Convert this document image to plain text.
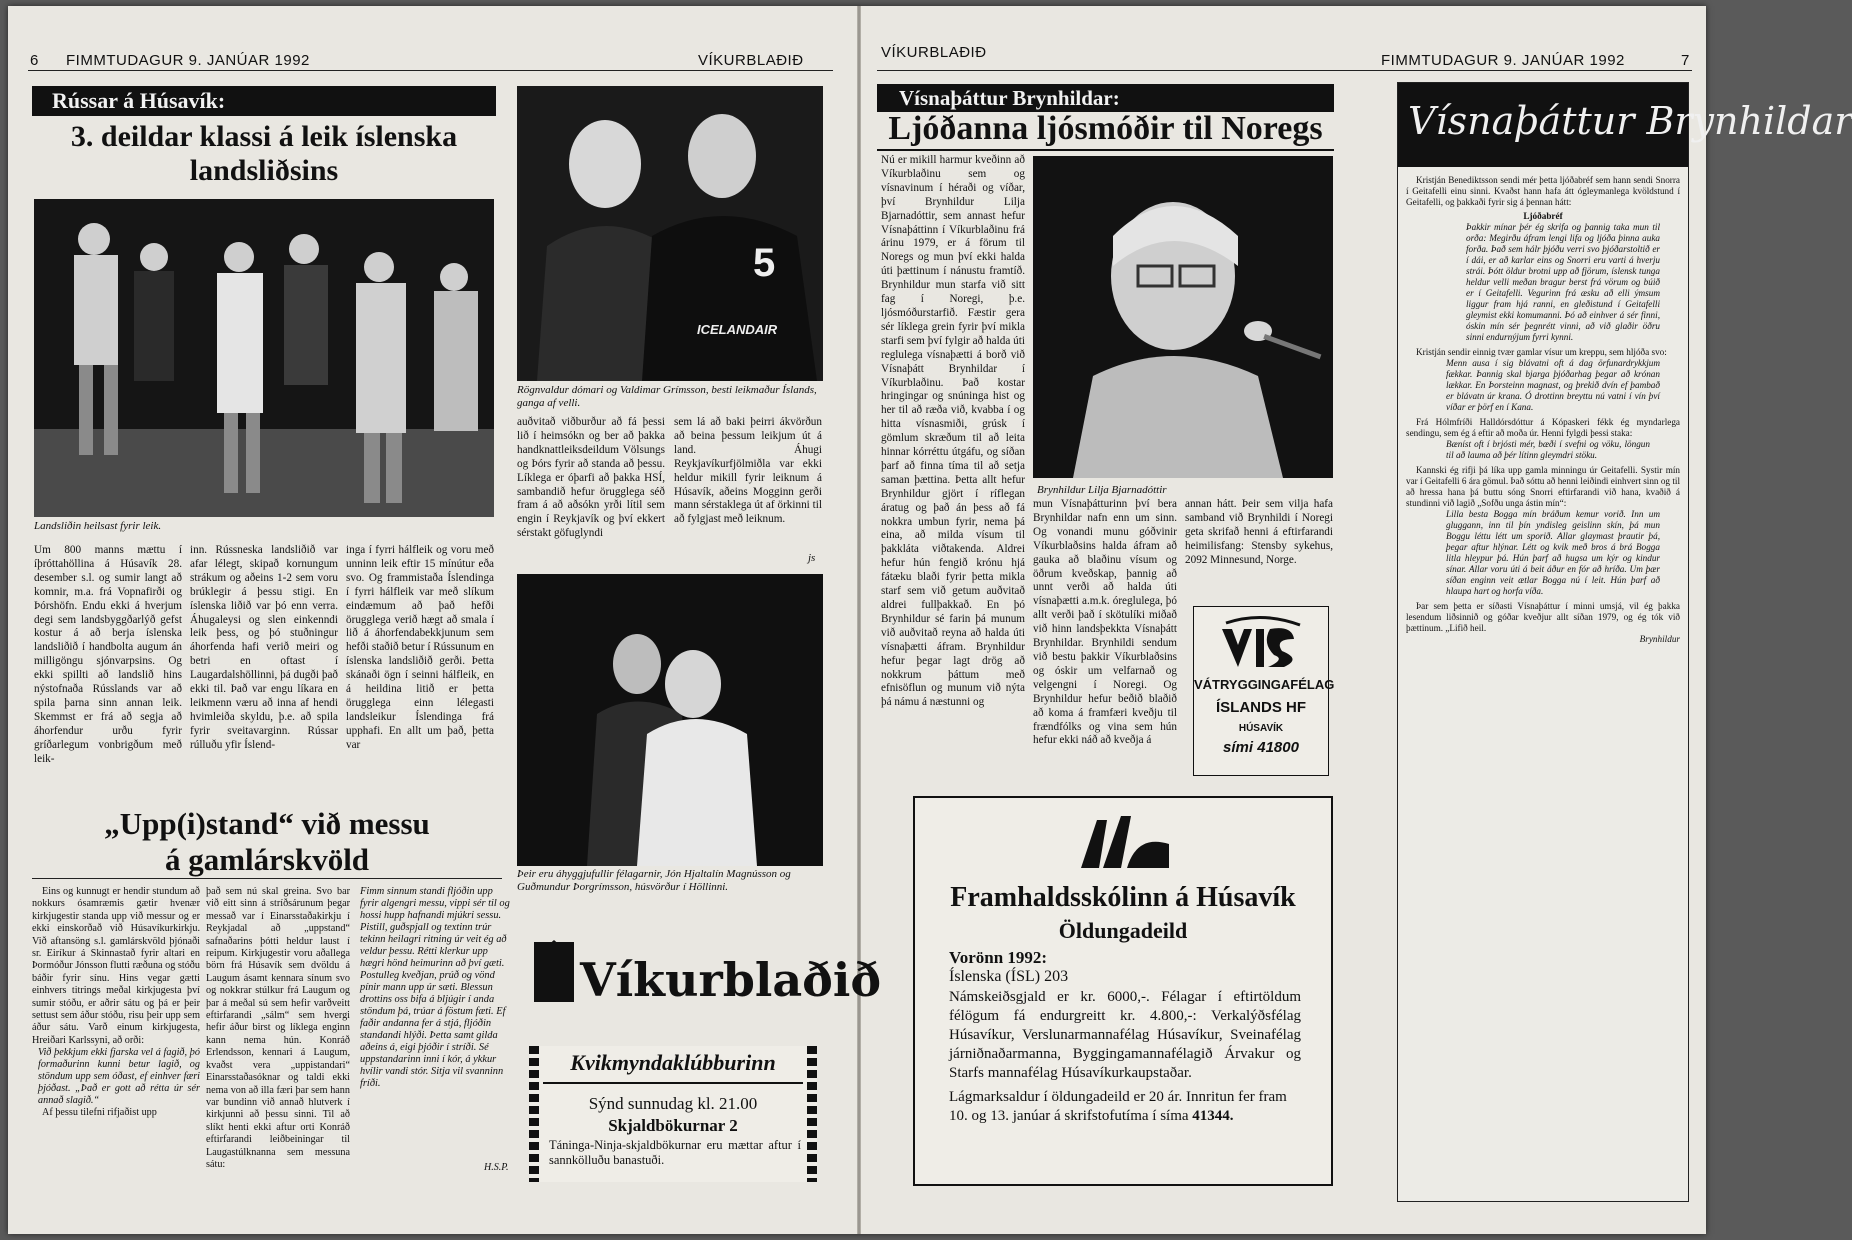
6 FIMMTUDAGUR 9. JANÚAR 1992	VÍKURBLAÐIÐ
Rússar á Húsavík:
3. deildar klassi á leik íslenska landsliðsins
Landsliðin heilsast fyrir leik.
Um 800 manns mættu í íþróttahöllina á Húsavík 28. desember s.l. og sumir langt að komnir, m.a. frá Vopnafirði og Þórshöfn. Endu ekki á hverjum degi sem landsbyggðarlýð gefst kostur á að berja íslenska landsliðið í handbolta augum án milligöngu sjónvarpsins. Og ekki spillti að landslið hins nýstofnaða Rússlands var að spila þarna sinn annan leik. Skemmst er frá að segja að áhorfendur urðu fyrir gríðarlegum vonbrigðum með leik-
inn. Rússneska landsliðið var afar lélegt, skipað kornungum strákum og aðeins 1-2 sem voru brúklegir á þessu stigi. En íslenska liðið var þó enn verra. Áhugaleysi og slen einkenndi leik þess, og þó stuðningur áhorfenda hafi verið meiri og betri en oftast í Laugardalshöllinni, þá dugði það ekki til. Það var engu líkara en leikmenn væru að inna af hendi hvimleiða skyldu, þ.e. að spila fyrir sveitavarginn. Rússar rúlluðu yfir Íslend-
inga í fyrri hálfleik og voru með unninn leik eftir 15 mínútur eða svo. Og frammistaða Íslendinga í fyrri hálfleik var með slíkum eindæmum að það hefði örugglega verið hægt að smala í lið á áhorfendabekkjunum sem hefði staðið betur í Rússunum en íslenska landsliðið gerði. Þetta skánaði ögn í seinni hálfleik, en á heildina litið er þetta örugglega einn lélegasti landsleikur Íslendinga frá upphafi. En allt um það, þetta var
5
ICELANDAIR
Rögnvaldur dómari og Valdimar Grímsson, besti leikmaður Íslands, ganga af velli.
auðvitað viðburður að fá þessi lið í heimsókn og ber að þakka handknattleiksdeildum Völsungs og Þórs fyrir að standa að þessu. Líklega er óþarfi að þakka HSÍ, sambandið hefur örugglega séð fram á að aðsókn yrði lítil sem engin í Reykjavík og því ekkert sérstakt göfuglyndi
sem lá að baki þeirri ákvörðun að beina þessum leikjum út á land. Áhugi Reykjavíkurfjölmiðla var ekki heldur mikill fyrir leiknum á Húsavík, aðeins Mogginn gerði mann sérstaklega út af örkinni til að fylgjast með leiknum.
js
„Upp(i)stand“ við messu
á gamlárskvöld

Eins og kunnugt er hendir stundum að nokkurs ósamræmis gætir hvenær kirkjugestir standa upp við messur og er ekki einskorðað við Húsavíkurkirkju. Við aftansöng s.l. gamlárskvöld þjónaði sr. Eiríkur á Skinnastað fyrir altari en Þormóður Jónsson flutti ræðuna og stóðu báðir fyrir sínu. Hins vegar gætti einhvers titrings meðal kirkjugesta því sumir stóðu, er aðrir sátu og þá er þeir settust sem áður stóðu, risu þeir upp sem áður sátu. Varð einum kirkjugesta, Hreiðari Karlssyni, að orði:

Við þekkjum ekki fjarska vel á fagið, þó formaðurinn kunni betur lagið, og stöndum upp sem óðast, ef einhver færi þjóðast. „Það er gott að rétta úr sér annað slagið.“

Af þessu tilefni rifjaðist upp

það sem nú skal greina. Svo bar við eitt sinn á stríðsárunum þegar messað var í Einarsstaðakirkju í Reykjadal að „uppstand“ safnaðarins þótti heldur laust í reipum. Kirkjugestir voru aðallega börn frá Húsavík sem dvöldu á Laugum ásamt kennara sínum svo og nokkrar stúlkur frá Laugum og þar á meðal sú sem hefir varðveitt eftirfarandi „sálm“ sem hvergi hefir áður birst og líklega enginn kann nema hún. Konráð Erlendsson, kennari á Laugum, kvaðst vera „uppistandari“ Einarsstaðasóknar og taldi ekki nema von að illa færi þar sem hann var bundinn við annað hlutverk í kirkjunni að þessu sinni. Til að slíkt henti ekki aftur orti Konráð eftirfarandi leiðbeiningar til Laugastúlknanna sem messuna sátu:
Fimm sinnum standi fljóðin upp fyrir algengri messu, vippi sér til og hossi hupp hafnandi mjúkri sessu. Pistill, guðspjall og textinn trúr tekinn heilagri ritning úr veit ég að veldur þessu. Rétti klerkur upp hægri hönd heimurinn að því gæti. Postulleg kveðjan, prúð og vönd pínir mann upp úr sæti. Blessun drottins oss bifa á bljúgir í anda stöndum þá, trúar á föstum fæti. Ef faðir andanna fer á stjá, fljóðin standandi hlýði. Þetta samt gilda aðeins á, eigi þjóðir í stríði. Sé uppstandarinn inni í kór, á ykkur hvílir vandi stór. Sitja vil svanninn fríði.
H.S.P.
Þeir eru áhyggjufullir félagarnir, Jón Hjaltalín Magnússon og Guðmundur Þorgrímsson, húsvörður í Höllinni.
Víkurblaðið
Kvikmyndaklúbburinn
Sýnd sunnudag kl. 21.00
Skjaldbökurnar 2
Táninga-Ninja-skjaldbökurnar eru mættar aftur í sannkölluðu banastuði.
VÍKURBLAÐIÐ	FIMMTUDAGUR 9. JANÚAR 1992	7
Vísnaþáttur Brynhildar:
Ljóðanna ljósmóðir til Noregs
Nú er mikill harmur kveðinn að Víkurblaðinu sem og vísnavinum í héraði og víðar, því Brynhildur Lilja Bjarnadóttir, sem annast hefur Vísnaþáttinn í Víkurblaðinu frá árinu 1979, er á förum til Noregs og mun því ekki halda úti þættinum í nánustu framtíð. Brynhildur mun starfa við sitt fag í Noregi, þ.e. ljósmóðurstarfið. Fæstir gera sér líklega grein fyrir því mikla starfi sem því fylgir að halda úti reglulega vísnaþætti á borð við Vísnaþátt Brynhildar í Víkurblaðinu. Það kostar hringingar og snúninga hist og her til að ræða við, kvabba í og hitta vísnasmiði, grúsk í gömlum skræðum til að leita hinnar kórréttu útgáfu, og síðan þarf að finna tíma til að setja saman þættina. Þetta allt hefur Brynhildur gjört í ríflegan áratug og það án þess að fá nokkra umbun fyrir, nema þá eina, að milda vísum til þakkláta viðtakenda. Aldrei hefur hún fengið krónu hjá fátæku blaði fyrir þetta mikla starf sem við getum auðvitað aldrei fullþakkað. En þó Brynhildur sé farin þá munum við auðvitað reyna að halda úti vísnaþætti áfram. Brynhildur hefur þegar lagt drög að nokkrum þáttum með efnisöflun og munum við nýta þá námu á næstunni og
Brynhildur Lilja Bjarnadóttir
mun Vísnaþátturinn því bera Brynhildar nafn enn um sinn. Og vonandi munu góðvinir Víkurblaðsins halda áfram að gauka að blaðinu vísum og öðrum kveðskap, þannig að unnt verði að halda úti vísnaþætti a.m.k. óreglulega, þó allt verði það í skötulíki miðað við hinn landsþekkta Vísnaþátt Brynhildar. Brynhildi sendum við bestu þakkir Víkurblaðsins og óskir um velfarnað og velgengni í Noregi. Og Brynhildur hefur beðið blaðið að koma á framfæri kveðju til frændfólks og vina sem hún hefur ekki náð að kveðja á
annan hátt. Þeir sem vilja hafa samband við Brynhildi í Noregi geta skrifað henni á eftirfarandi heimilisfang: Stensby sykehus, 2092 Minnesund, Norge.
VÁTRYGGINGAFÉLAG
ÍSLANDS HF
HÚSAVÍK
sími 41800
Framhaldsskólinn á Húsavík
Öldungadeild
Vorönn 1992:
Íslenska (ÍSL) 203
Námskeiðsgjald er kr. 6000,-. Félagar í eftirtöldum félögum fá endurgreitt kr. 4.800,-: Verkalýðsfélag Húsavíkur, Verslunarmannafélag Húsavíkur, Sveinafélag járniðnaðarmanna, Byggingamannafélagið Árvakur og Starfs mannafélag Húsavíkurkaupstaðar.
Lágmarksaldur í öldungadeild er 20 ár. Innritun fer fram 10. og 13. janúar á skrifstofutíma í síma 41344.
Vísnaþáttur Brynhildar

Kristján Benediktsson sendi mér þetta ljóðabréf sem hann sendi Snorra í Geitafelli einu sinni. Kvaðst hann hafa átt ógleymanlega kvöldstund í Geitafelli, og þakkaði fyrir sig á þennan hátt:

Ljóðabréf
Þakkir mínar þér ég skrifa og þannig taka mun til orða: Megirðu áfram lengi lifa og ljóða þinna auka forða. Það sem hálr þjóðu verri svo þjóðarstoltið er í dái, er að karlar eins og Snorri eru varti á hverju strái. Þótt öldur brotni upp að fjörum, íslensk tunga heldur velli meðan bragur berst frá vörum og búið er í Geitafelli. Vegurinn frá æsku að elli ýmsum liggur fram hjá ranni, en gleðistund í Geitafelli gleymist ekki komumanni. Þó að einhver á sér finni, óskin mín sér þegnrétt vinni, að við glaðir öðru sinni endurnýjum fyrri kynni.

Kristján sendir einnig tvær gamlar vísur um kreppu, sem hljóða svo:

Menn ausa í sig blávatni oft á dag örfunardrykkjum fækkar. Þannig skal bjarga þjóðarhag þegar að krónan lækkar. En Þorsteinn magnast, og þrekið dvín ef þambað er blávatn úr krana. Ó drottinn breyttu nú vatni í vín því víðar er þörf en í Kana.

Frá Hólmfríði Halldórsdóttur á Kópaskeri fékk ég myndarlega sendingu, sem ég á eftir að moða úr. Henni fylgdi þessi staka:

Bæníst oft í brjósti mér, bæði í svefni og vöku, löngun til að lauma að þér lítinn gleymdri stöku.

Kannski ég rifji þá líka upp gamla minningu úr Geitafelli. Systir mín var í Geitafelli 6 ára gömul. Það sóttu að henni leiðindi einhvert sinn og til að hressa hana þá buttu sóng Snorri eftirfarandi við hana, kvaðið á stundinni við lagið „Sofðu unga ástin mín“:

Lilla besta Bogga mín bráðum kemur vorið. Inn um gluggann, inn til þín yndisleg geislinn skín, þá mun Boggu léttu létt um sporið. Allar glaymast þrautir þá, þegar aftur hlýnar. Létt og kvik með bros á brá Bogga litla hleypur þá. Hún þarf að hugsa um kýr og kindur sínar. Allar voru úti á beit áður en fór að hríða. Um þær síðan enginn veit ætlar Bogga nú í leit. Hún þarf að hlaupa hart og horfa víða.

Þar sem þetta er síðasti Vísnaþáttur í minni umsjá, vil ég þakka lesendum liðsinnið og góðar kveðjur allt síðan 1979, og ég tók við þættinum. „Lifið heil.

Brynhildur
